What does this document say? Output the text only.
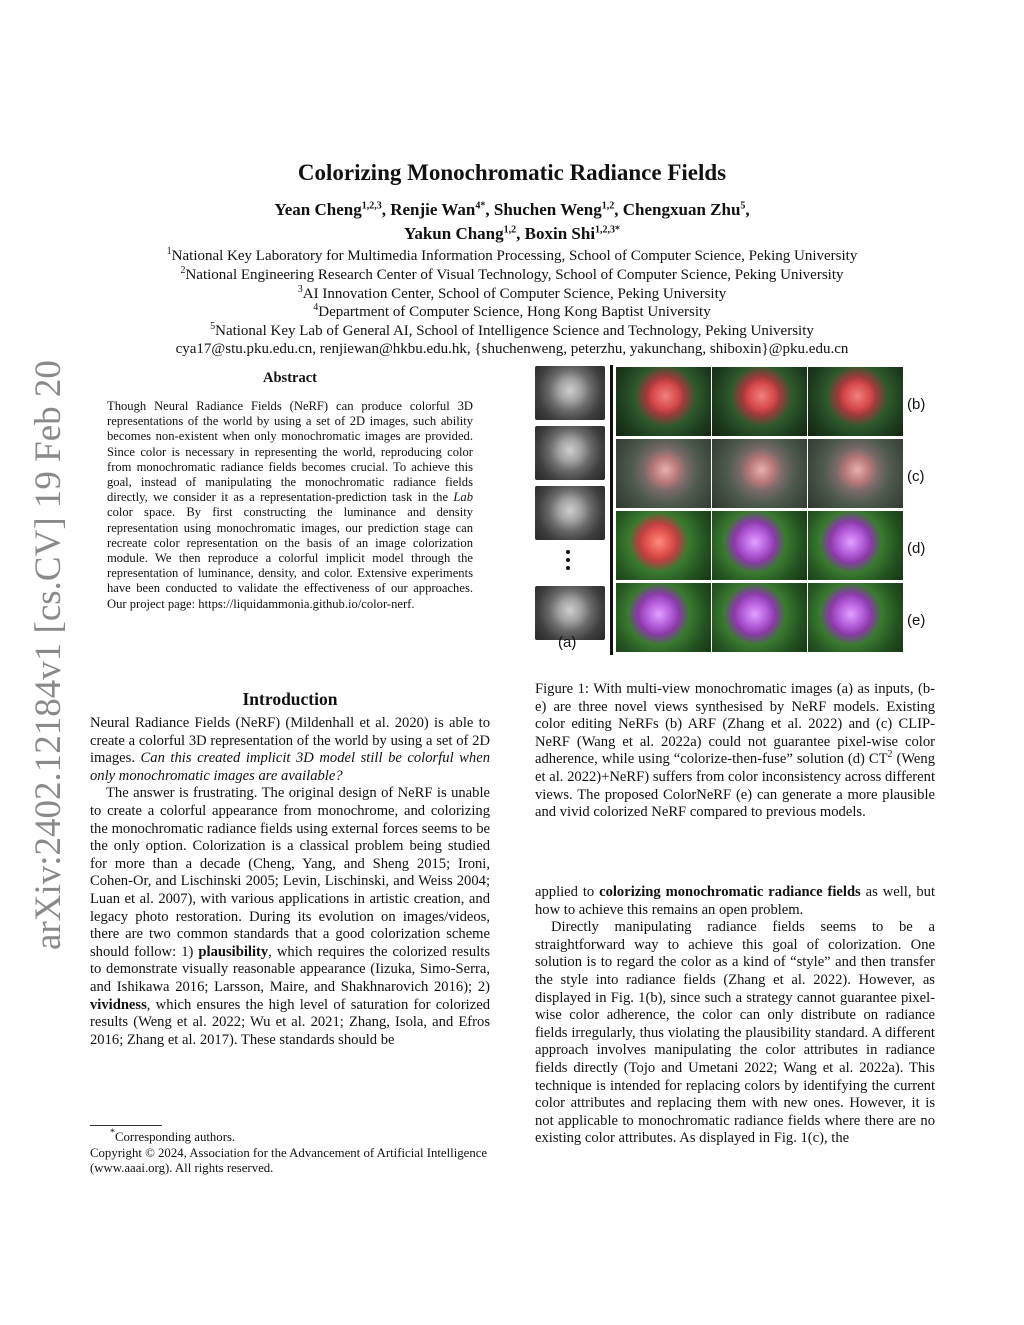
arXiv:2402.12184v1 [cs.CV] 19 Feb 2024
Colorizing Monochromatic Radiance Fields
Yean Cheng$^{1,2,3}$, Renjie Wan$^{4*}$, Shuchen Weng$^{1,2}$, Chengxuan Zhu$^5$,
Yakun Chang$^{1,2}$, Boxin Shi$^{1,2,3*}$
$^1$National Key Laboratory for Multimedia Information Processing, School of Computer Science, Peking University
$^2$National Engineering Research Center of Visual Technology, School of Computer Science, Peking University
$^3$AI Innovation Center, School of Computer Science, Peking University
$^4$Department of Computer Science, Hong Kong Baptist University
$^5$National Key Lab of General AI, School of Intelligence Science and Technology, Peking University
cya17@stu.pku.edu.cn, renjiewan@hkbu.edu.hk, {shuchenweng, peterzhu, yakunchang, shiboxin}@pku.edu.cn
Abstract
Though Neural Radiance Fields (NeRF) can produce colorful 3D representations of the world by using a set of 2D images, such ability becomes non-existent when only monochromatic images are provided. Since color is necessary in representing the world, reproducing color from monochromatic radiance fields becomes crucial. To achieve this goal, instead of manipulating the monochromatic radiance fields directly, we consider it as a representation-prediction task in the Lab color space. By first constructing the luminance and density representation using monochromatic images, our prediction stage can recreate color representation on the basis of an image colorization module. We then reproduce a colorful implicit model through the representation of luminance, density, and color. Extensive experiments have been conducted to validate the effectiveness of our approaches. Our project page: https://liquidammonia.github.io/color-nerf.
Introduction

Neural Radiance Fields (NeRF) (Mildenhall et al. 2020) is able to create a colorful 3D representation of the world by using a set of 2D images. Can this created implicit 3D model still be colorful when only monochromatic images are available?

The answer is frustrating. The original design of NeRF is unable to create a colorful appearance from monochrome, and colorizing the monochromatic radiance fields using external forces seems to be the only option. Colorization is a classical problem being studied for more than a decade (Cheng, Yang, and Sheng 2015; Ironi, Cohen-Or, and Lischinski 2005; Levin, Lischinski, and Weiss 2004; Luan et al. 2007), with various applications in artistic creation, and legacy photo restoration. During its evolution on images/videos, there are two common standards that a good colorization scheme should follow: 1) plausibility, which requires the colorized results to demonstrate visually reasonable appearance (Iizuka, Simo-Serra, and Ishikawa 2016; Larsson, Maire, and Shakhnarovich 2016); 2) vividness, which ensures the high level of saturation for colorized results (Weng et al. 2022; Wu et al. 2021; Zhang, Isola, and Efros 2016; Zhang et al. 2017). These standards should be

*Corresponding authors.
Copyright © 2024, Association for the Advancement of Artificial Intelligence (www.aaai.org). All rights reserved.
(a)
(b)
(c)
(d)
(e)
Figure 1: With multi-view monochromatic images (a) as inputs, (b-e) are three novel views synthesised by NeRF models. Existing color editing NeRFs (b) ARF (Zhang et al. 2022) and (c) CLIP-NeRF (Wang et al. 2022a) could not guarantee pixel-wise color adherence, while using “colorize-then-fuse” solution (d) $CT^2$ (Weng et al. 2022)+NeRF) suffers from color inconsistency across different views. The proposed ColorNeRF (e) can generate a more plausible and vivid colorized NeRF compared to previous models.

applied to colorizing monochromatic radiance fields as well, but how to achieve this remains an open problem.

Directly manipulating radiance fields seems to be a straightforward way to achieve this goal of colorization. One solution is to regard the color as a kind of “style” and then transfer the style into radiance fields (Zhang et al. 2022). However, as displayed in Fig. 1(b), since such a strategy cannot guarantee pixel-wise color adherence, the color can only distribute on radiance fields irregularly, thus violating the plausibility standard. A different approach involves manipulating the color attributes in radiance fields directly (Tojo and Umetani 2022; Wang et al. 2022a). This technique is intended for replacing colors by identifying the current color attributes and replacing them with new ones. However, it is not applicable to monochromatic radiance fields where there are no existing color attributes. As displayed in Fig. 1(c), the
